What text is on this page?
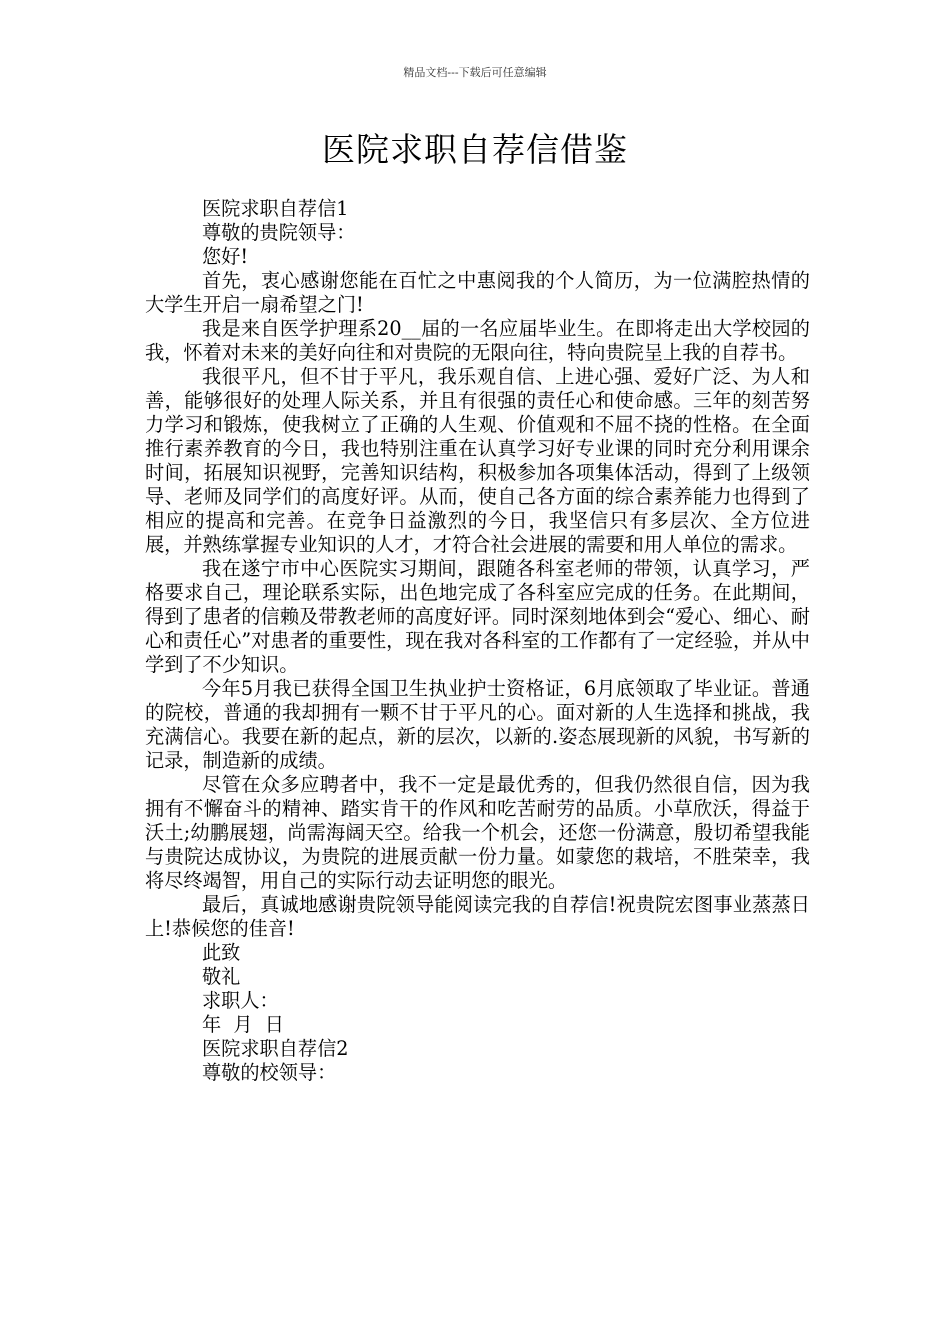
精品文档---下载后可任意编辑
医院求职自荐信借鉴

医院求职自荐信1

尊敬的贵院领导：

您好!

首先，衷心感谢您能在百忙之中惠阅我的个人简历，为一位满腔热情的大学生开启一扇希望之门!

我是来自医学护理系20__届的一名应届毕业生。在即将走出大学校园的我，怀着对未来的美好向往和对贵院的无限向往，特向贵院呈上我的自荐书。

我很平凡，但不甘于平凡，我乐观自信、上进心强、爱好广泛、为人和善，能够很好的处理人际关系，并且有很强的责任心和使命感。三年的刻苦努力学习和锻炼，使我树立了正确的人生观、价值观和不屈不挠的性格。在全面推行素养教育的今日，我也特别注重在认真学习好专业课的同时充分利用课余时间，拓展知识视野，完善知识结构，积极参加各项集体活动，得到了上级领导、老师及同学们的高度好评。从而，使自己各方面的综合素养能力也得到了相应的提高和完善。在竞争日益激烈的今日，我坚信只有多层次、全方位进展，并熟练掌握专业知识的人才，才符合社会进展的需要和用人单位的需求。

我在遂宁市中心医院实习期间，跟随各科室老师的带领，认真学习，严格要求自己，理论联系实际，出色地完成了各科室应完成的任务。在此期间，得到了患者的信赖及带教老师的高度好评。同时深刻地体到会“爱心、细心、耐心和责任心”对患者的重要性，现在我对各科室的工作都有了一定经验，并从中学到了不少知识。

今年5月我已获得全国卫生执业护士资格证，6月底领取了毕业证。普通的院校，普通的我却拥有一颗不甘于平凡的心。面对新的人生选择和挑战，我充满信心。我要在新的起点，新的层次，以新的.姿态展现新的风貌，书写新的记录，制造新的成绩。

尽管在众多应聘者中，我不一定是最优秀的，但我仍然很自信，因为我拥有不懈奋斗的精神、踏实肯干的作风和吃苦耐劳的品质。小草欣沃，得益于沃土;幼鹏展翅，尚需海阔天空。给我一个机会，还您一份满意，殷切希望我能与贵院达成协议，为贵院的进展贡献一份力量。如蒙您的栽培，不胜荣幸，我将尽终竭智，用自己的实际行动去证明您的眼光。

最后，真诚地感谢贵院领导能阅读完我的自荐信!祝贵院宏图事业蒸蒸日上!恭候您的佳音!

此致

敬礼

求职人：

年  月  日

医院求职自荐信2

尊敬的校领导：
